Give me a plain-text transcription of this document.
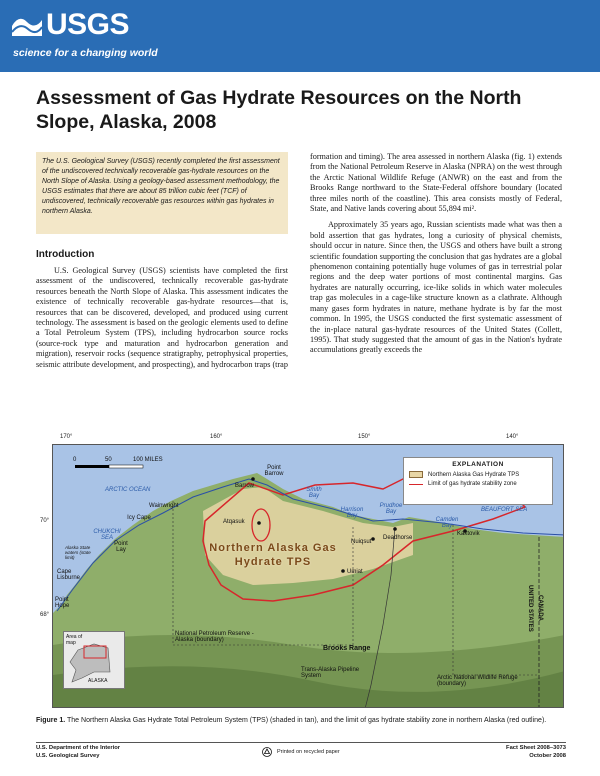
USGS
science for a changing world
Assessment of Gas Hydrate Resources on the North Slope, Alaska, 2008
The U.S. Geological Survey (USGS) recently completed the first assessment of the undiscovered technically recoverable gas-hydrate resources on the North Slope of Alaska. Using a geology-based assessment methodology, the USGS estimates that there are about 85 trillion cubic feet (TCF) of undiscovered, technically recoverable gas resources within gas hydrates in northern Alaska.
Introduction

U.S. Geological Survey (USGS) scientists have completed the first assessment of the undiscovered, technically recoverable gas-hydrate resources beneath the North Slope of Alaska. This assessment indicates the existence of technically recoverable gas-hydrate resources—that is, resources that can be discovered, developed, and produced using current technology. The assessment is based on the geologic elements used to define a Total Petroleum System (TPS), including hydrocarbon source rocks (source-rock type and maturation and hydrocarbon generation and migration), reservoir rocks (sequence stratigraphy, petrophysical properties, seismic attribute development, and prospecting), and hydrocarbon traps (trap

formation and timing). The area assessed in northern Alaska (fig. 1) extends from the National Petroleum Reserve in Alaska (NPRA) on the west through the Arctic National Wildlife Refuge (ANWR) on the east and from the Brooks Range northward to the State-Federal offshore boundary (located three miles north of the coastline). This area consists mostly of Federal, State, and Native lands covering about 55,894 mi².

Approximately 35 years ago, Russian scientists made what was then a bold assertion that gas hydrates, long a curiosity of physical chemists, should occur in nature. Since then, the USGS and others have built a strong scientific foundation supporting the conclusion that gas hydrates are a global phenomenon containing potentially huge volumes of gas in terrestrial polar regions and the deep water portions of most continental margins. Gas hydrates are naturally occurring, ice-like solids in which water molecules trap gas molecules in a cage-like structure known as a clathrate. Although many gases form hydrates in nature, methane hydrate is by far the most common. In 1995, the USGS conducted the first systematic assessment of the in-place natural gas-hydrate resources of the United States (Collett, 1995). That study suggested that the amount of gas in the Nation's hydrate accumulations greatly exceeds the

170°	160°	150°	140°
70°
68°
0	50	100 MILES
EXPLANATION
Northern Alaska Gas Hydrate TPS
Limit of gas hydrate stability zone
ARCTIC OCEAN
CHUKCHI SEA
BEAUFORT SEA
Point Barrow
Barrow
Wainwright
Icy Cape
Point Lay
Cape Lisburne
Point Hope
Atqasuk
Nuiqsut
Deadhorse
Kaktovik
Umiat
Smith Bay
Harrison Bay
Prudhoe Bay
Camden Bay
Northern Alaska Gas Hydrate TPS
Alaska State waters (state limit)
National Petroleum Reserve - Alaska (boundary)
Brooks Range
Trans-Alaska Pipeline System	Arctic National Wildlife Refuge (boundary)
CANADA
UNITED STATES
Area of map
ALASKA
Figure 1. The Northern Alaska Gas Hydrate Total Petroleum System (TPS) (shaded in tan), and the limit of gas hydrate stability zone in northern Alaska (red outline).
U.S. Department of the Interior
U.S. Geological Survey
Printed on recycled paper
Fact Sheet 2008–3073
October 2008
